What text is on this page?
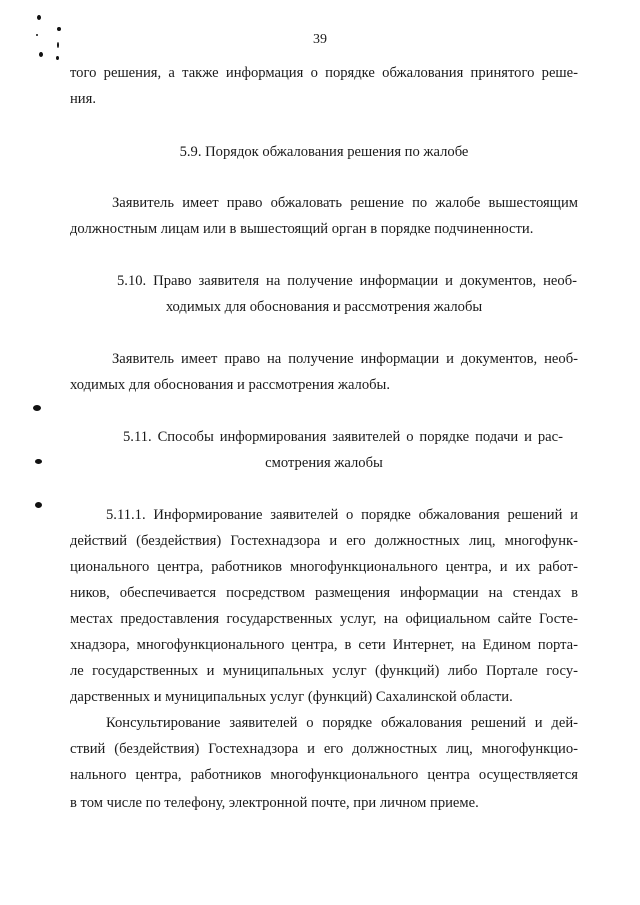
39
того решения, а также информация о порядке обжалования принятого реше-
ния.
5.9. Порядок обжалования решения по жалобе
Заявитель имеет право обжаловать решение по жалобе вышестоящим
должностным лицам или в вышестоящий орган в порядке подчиненности.
5.10. Право заявителя на получение информации и документов, необ-
ходимых для обоснования и рассмотрения жалобы
Заявитель имеет право на получение информации и документов, необ-
ходимых для обоснования и рассмотрения жалобы.
5.11. Способы информирования заявителей о порядке подачи и рас-
смотрения жалобы
5.11.1. Информирование заявителей о порядке обжалования решений и
действий (бездействия) Гостехнадзора и его должностных лиц, многофунк-
ционального центра, работников многофункционального центра, и их работ-
ников, обеспечивается посредством размещения информации на стендах в
местах предоставления государственных услуг, на официальном сайте Госте-
хнадзора, многофункционального центра, в сети Интернет, на Едином порта-
ле государственных и муниципальных услуг (функций) либо Портале госу-
дарственных и муниципальных услуг (функций) Сахалинской области.
Консультирование заявителей о порядке обжалования решений и дей-
ствий (бездействия) Гостехнадзора и его должностных лиц, многофункцио-
нального центра, работников многофункционального центра осуществляется
в том числе по телефону, электронной почте, при личном приеме.
